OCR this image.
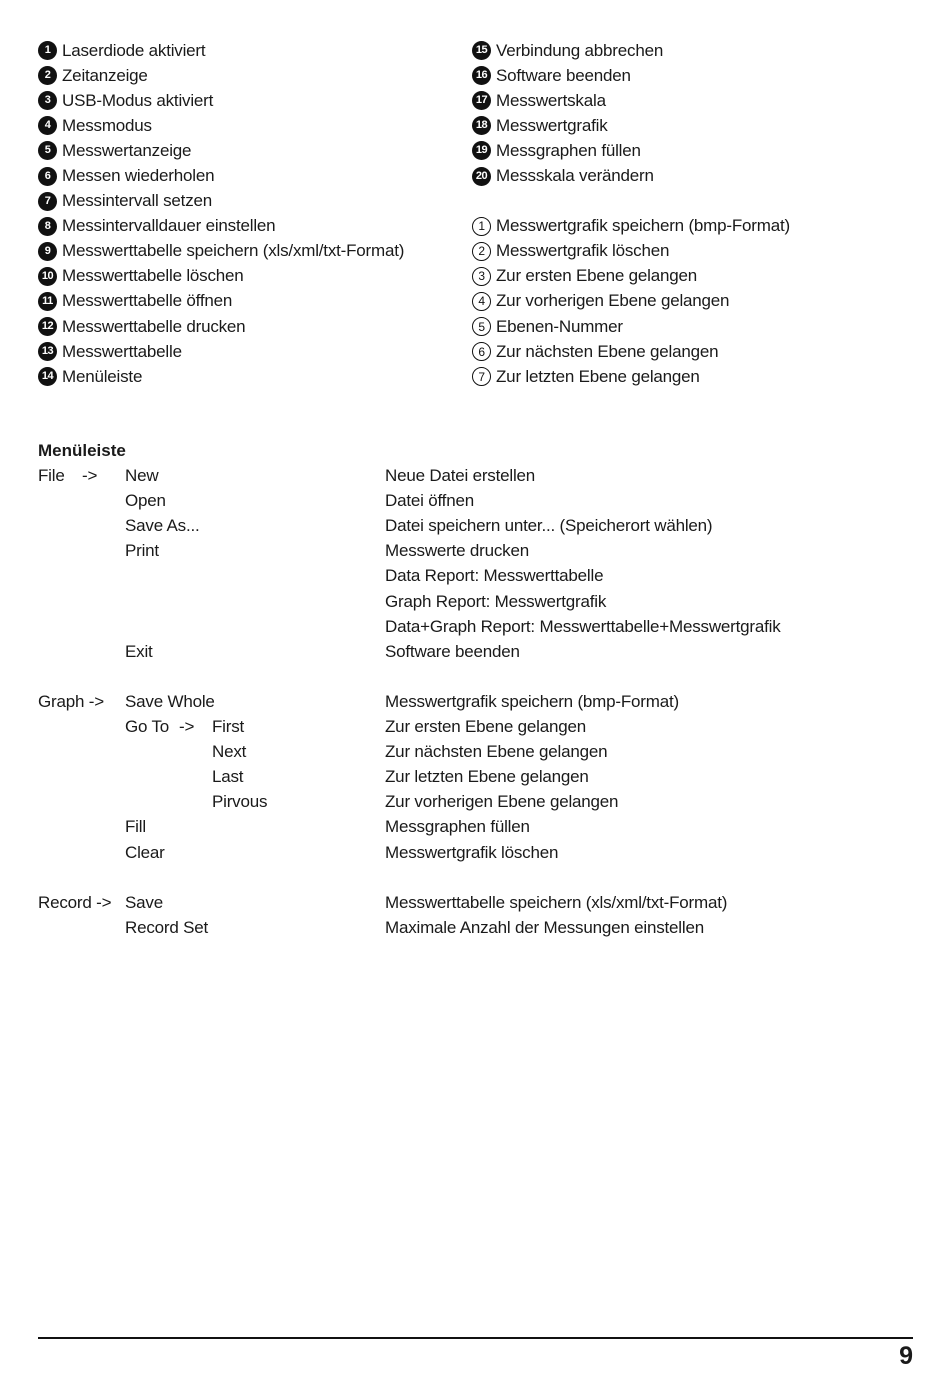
1 Laserdiode aktiviert
2 Zeitanzeige
3 USB-Modus aktiviert
4 Messmodus
5 Messwertanzeige
6 Messen wiederholen
7 Messintervall setzen
8 Messintervalldauer einstellen
9 Messwerttabelle speichern (xls/xml/txt-Format)
10 Messwerttabelle löschen
11 Messwerttabelle öffnen
12 Messwerttabelle drucken
13 Messwerttabelle
14 Menüleiste
15 Verbindung abbrechen
16 Software beenden
17 Messwertskala
18 Messwertgrafik
19 Messgraphen füllen
20 Messskala verändern
1 Messwertgrafik speichern (bmp-Format)
2 Messwertgrafik löschen
3 Zur ersten Ebene gelangen
4 Zur vorherigen Ebene gelangen
5 Ebenen-Nummer
6 Zur nächsten Ebene gelangen
7 Zur letzten Ebene gelangen
Menüleiste
File -> New	Neue Datei erstellen
Open	Datei öffnen
Save As...	Datei speichern unter... (Speicherort wählen)
Print	Messwerte drucken
Data Report: Messwerttabelle
Graph Report: Messwertgrafik
Data+Graph Report: Messwerttabelle+Messwertgrafik
Exit	Software beenden
Graph -> Save Whole	Messwertgrafik speichern (bmp-Format)
Go To -> First	Zur ersten Ebene gelangen
Next	Zur nächsten Ebene gelangen
Last	Zur letzten Ebene gelangen
Pirvous	Zur vorherigen Ebene gelangen
Fill	Messgraphen füllen
Clear	Messwertgrafik löschen
Record -> Save	Messwerttabelle speichern (xls/xml/txt-Format)
Record Set	Maximale Anzahl der Messungen einstellen
9
